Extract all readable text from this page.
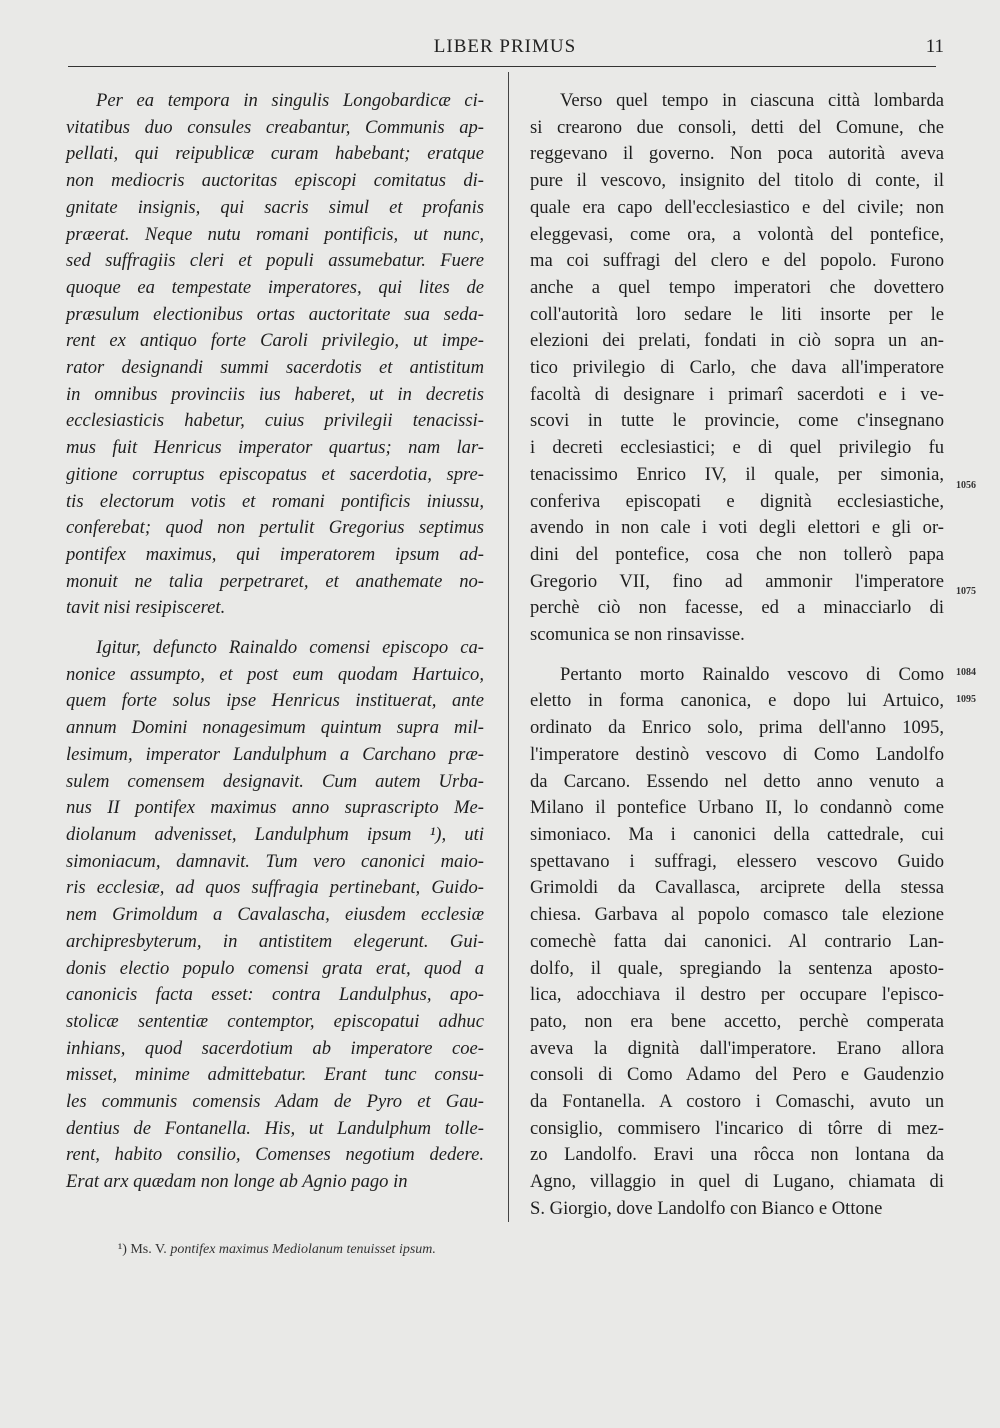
LIBER PRIMUS	11

Per ea tempora in singulis Longobardicæ ci-
vitatibus duo consules creabantur, Communis ap-
pellati, qui reipublicæ curam habebant; eratque
non mediocris auctoritas episcopi comitatus di-
gnitate insignis, qui sacris simul et profanis
præerat. Neque nutu romani pontificis, ut nunc,
sed suffragiis cleri et populi assumebatur. Fuere
quoque ea tempestate imperatores, qui lites de
præsulum electionibus ortas auctoritate sua seda-
rent ex antiquo forte Caroli privilegio, ut impe-
rator designandi summi sacerdotis et antistitum
in omnibus provinciis ius haberet, ut in decretis
ecclesiasticis habetur, cuius privilegii tenacissi-
mus fuit Henricus imperator quartus; nam lar-
gitione corruptus episcopatus et sacerdotia, spre-
tis electorum votis et romani pontificis iniussu,
conferebat; quod non pertulit Gregorius septimus
pontifex maximus, qui imperatorem ipsum ad-
monuit ne talia perpetraret, et anathemate no-
tavit nisi resipisceret.

Igitur, defuncto Rainaldo comensi episcopo ca-
nonice assumpto, et post eum quodam Hartuico,
quem forte solus ipse Henricus instituerat, ante
annum Domini nonagesimum quintum supra mil-
lesimum, imperator Landulphum a Carchano præ-
sulem comensem designavit. Cum autem Urba-
nus II pontifex maximus anno suprascripto Me-
diolanum advenisset, Landulphum ipsum ¹), uti
simoniacum, damnavit. Tum vero canonici maio-
ris ecclesiæ, ad quos suffragia pertinebant, Guido-
nem Grimoldum a Cavalascha, eiusdem ecclesiæ
archipresbyterum, in antistitem elegerunt. Gui-
donis electio populo comensi grata erat, quod a
canonicis facta esset: contra Landulphus, apo-
stolicæ sententiæ contemptor, episcopatui adhuc
inhians, quod sacerdotium ab imperatore coe-
misset, minime admittebatur. Erant tunc consu-
les communis comensis Adam de Pyro et Gau-
dentius de Fontanella. His, ut Landulphum tolle-
rent, habito consilio, Comenses negotium dedere.
Erat arx quædam non longe ab Agnio pago in

Verso quel tempo in ciascuna città lombarda
si crearono due consoli, detti del Comune, che
reggevano il governo. Non poca autorità aveva
pure il vescovo, insignito del titolo di conte, il
quale era capo dell'ecclesiastico e del civile; non
eleggevasi, come ora, a volontà del pontefice,
ma coi suffragi del clero e del popolo. Furono
anche a quel tempo imperatori che dovettero
coll'autorità loro sedare le liti insorte per le
elezioni dei prelati, fondati in ciò sopra un an-
tico privilegio di Carlo, che dava all'imperatore
facoltà di designare i primarî sacerdoti e i ve-
scovi in tutte le provincie, come c'insegnano
i decreti ecclesiastici; e di quel privilegio fu
tenacissimo Enrico IV, il quale, per simonia,
conferiva episcopati e dignità ecclesiastiche,
avendo in non cale i voti degli elettori e gli or-
dini del pontefice, cosa che non tollerò papa
Gregorio VII, fino ad ammonir l'imperatore
perchè ciò non facesse, ed a minacciarlo di
scomunica se non rinsavisse.

Pertanto morto Rainaldo vescovo di Como
eletto in forma canonica, e dopo lui Artuico,
ordinato da Enrico solo, prima dell'anno 1095,
l'imperatore destinò vescovo di Como Landolfo
da Carcano. Essendo nel detto anno venuto a
Milano il pontefice Urbano II, lo condannò come
simoniaco. Ma i canonici della cattedrale, cui
spettavano i suffragi, elessero vescovo Guido
Grimoldi da Cavallasca, arciprete della stessa
chiesa. Garbava al popolo comasco tale elezione
comechè fatta dai canonici. Al contrario Lan-
dolfo, il quale, spregiando la sentenza aposto-
lica, adocchiava il destro per occupare l'episco-
pato, non era bene accetto, perchè comperata
aveva la dignità dall'imperatore. Erano allora
consoli di Como Adamo del Pero e Gaudenzio
da Fontanella. A costoro i Comaschi, avuto un
consiglio, commisero l'incarico di tôrre di mez-
zo Landolfo. Eravi una rôcca non lontana da
Agno, villaggio in quel di Lugano, chiamata di
S. Giorgio, dove Landolfo con Bianco e Ottone

1056
1075
1084
1095
¹) Ms. V. pontifex maximus Mediolanum tenuisset ipsum.
